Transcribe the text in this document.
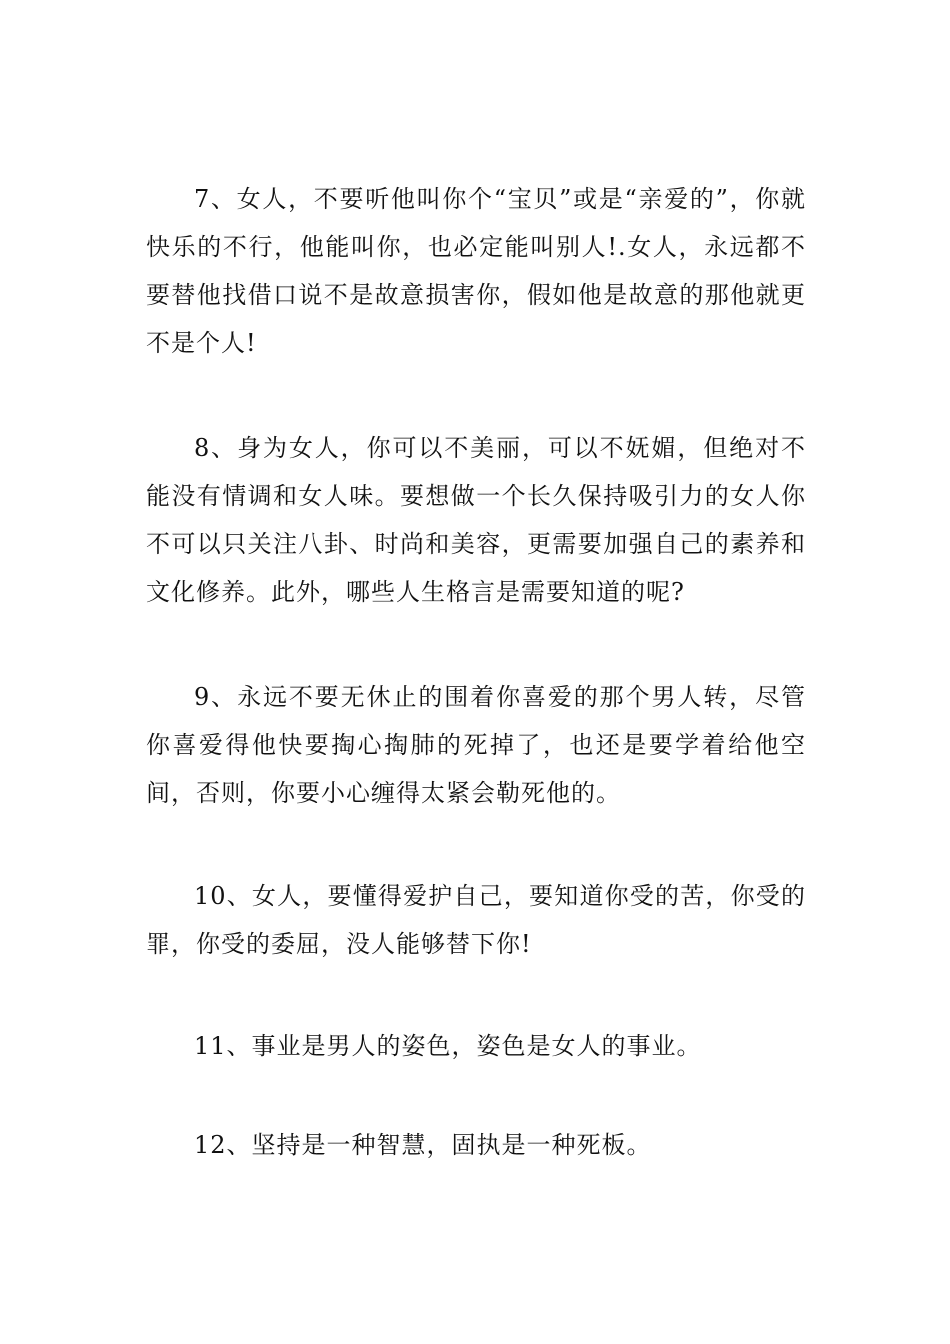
7、女人，不要听他叫你个“宝贝”或是“亲爱的”，你就快乐的不行，他能叫你，也必定能叫别人!.女人，永远都不要替他找借口说不是故意损害你，假如他是故意的那他就更不是个人!

8、身为女人，你可以不美丽，可以不妩媚，但绝对不能没有情调和女人味。要想做一个长久保持吸引力的女人你不可以只关注八卦、时尚和美容，更需要加强自己的素养和文化修养。此外，哪些人生格言是需要知道的呢?

9、永远不要无休止的围着你喜爱的那个男人转，尽管你喜爱得他快要掏心掏肺的死掉了，也还是要学着给他空间，否则，你要小心缠得太紧会勒死他的。

10、女人，要懂得爱护自己，要知道你受的苦，你受的罪，你受的委屈，没人能够替下你!

11、事业是男人的姿色，姿色是女人的事业。

12、坚持是一种智慧，固执是一种死板。
